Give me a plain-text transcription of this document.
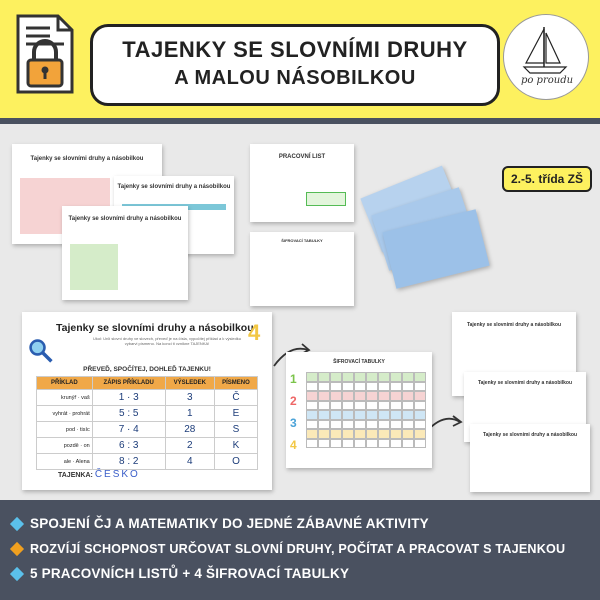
TAJENKY SE SLOVNÍMI DRUHY
A MALOU NÁSOBILKOU	po proudu
2.-5. třída ZŠ
Tajenky se slovními druhy a násobilkou
Tajenky se slovními druhy a násobilkou
Tajenky se slovními druhy a násobilkou
PRACOVNÍ LIST
ŠIFROVACÍ TABULKY
Tajenky se slovními druhy a násobilkou
4
Ukol: Urči slovní druhy ve slovech, převeď je na čísla, vypočítej příklad a k výsledku vybarvi písmeno. Na konci ti vznikne TAJENKA!
PŘEVEĎ, SPOČÍTEJ, DOHLEĎ TAJENKU!
PŘÍKLAD	ZÁPIS PŘÍKLADU	VÝSLEDEK	PÍSMENO
krunýř · vaš	1 · 3	3	Č
vyhrát · prohrát	5 : 5	1	E
pod · tisíc	7 · 4	28	S
pozdě · on	6 : 3	2	K
ale · Alena	8 : 2	4	O
TAJENKA: ČESKO
ŠIFROVACÍ TABULKY
1
2
3
4
Tajenky se slovními druhy a násobilkou
Tajenky se slovními druhy a násobilkou
Tajenky se slovními druhy a násobilkou
SPOJENÍ ČJ A MATEMATIKY DO JEDNÉ ZÁBAVNÉ AKTIVITY
ROZVÍJÍ SCHOPNOST URČOVAT SLOVNÍ DRUHY, POČÍTAT A PRACOVAT S TAJENKOU
5 PRACOVNÍCH LISTŮ + 4 ŠIFROVACÍ TABULKY
